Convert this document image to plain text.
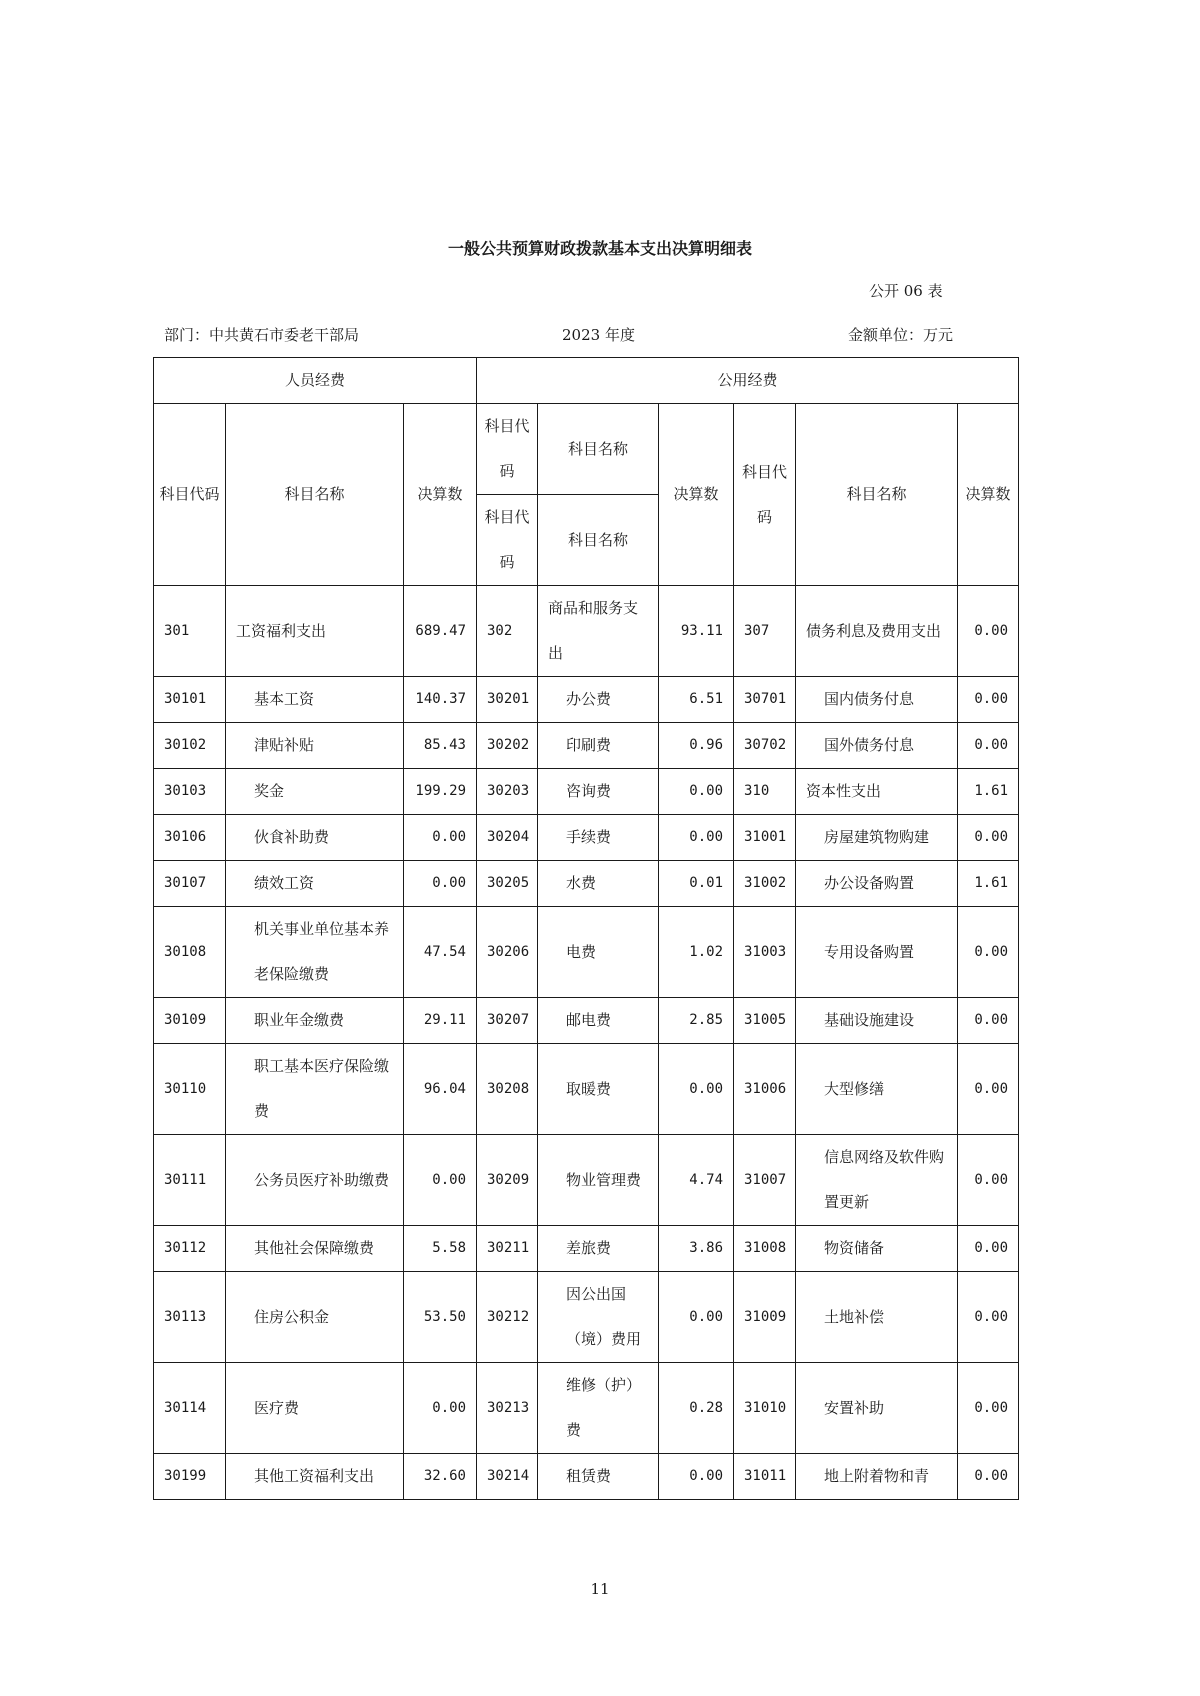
一般公共预算财政拨款基本支出决算明细表
公开 06 表
部门：中共黄石市委老干部局	2023 年度	金额单位：万元
人员经费			公用经费					
科目代码	科目名称	决算数	科目代码	科目名称	决算数	科目代码	科目名称	决算数
			科目代码	科目名称				
301	工资福利支出	689.47	302	商品和服务支出	93.11	307	债务利息及费用支出	0.00
30101	基本工资	140.37	30201	办公费	6.51	30701	国内债务付息	0.00
30102	津贴补贴	85.43	30202	印刷费	0.96	30702	国外债务付息	0.00
30103	奖金	199.29	30203	咨询费	0.00	310	资本性支出	1.61
30106	伙食补助费	0.00	30204	手续费	0.00	31001	房屋建筑物购建	0.00
30107	绩效工资	0.00	30205	水费	0.01	31002	办公设备购置	1.61
30108	机关事业单位基本养老保险缴费	47.54	30206	电费	1.02	31003	专用设备购置	0.00
30109	职业年金缴费	29.11	30207	邮电费	2.85	31005	基础设施建设	0.00
30110	职工基本医疗保险缴费	96.04	30208	取暖费	0.00	31006	大型修缮	0.00
30111	公务员医疗补助缴费	0.00	30209	物业管理费	4.74	31007	信息网络及软件购置更新	0.00
30112	其他社会保障缴费	5.58	30211	差旅费	3.86	31008	物资储备	0.00
30113	住房公积金	53.50	30212	因公出国（境）费用	0.00	31009	土地补偿	0.00
30114	医疗费	0.00	30213	维修（护）费	0.28	31010	安置补助	0.00
30199	其他工资福利支出	32.60	30214	租赁费	0.00	31011	地上附着物和青	0.00
11
